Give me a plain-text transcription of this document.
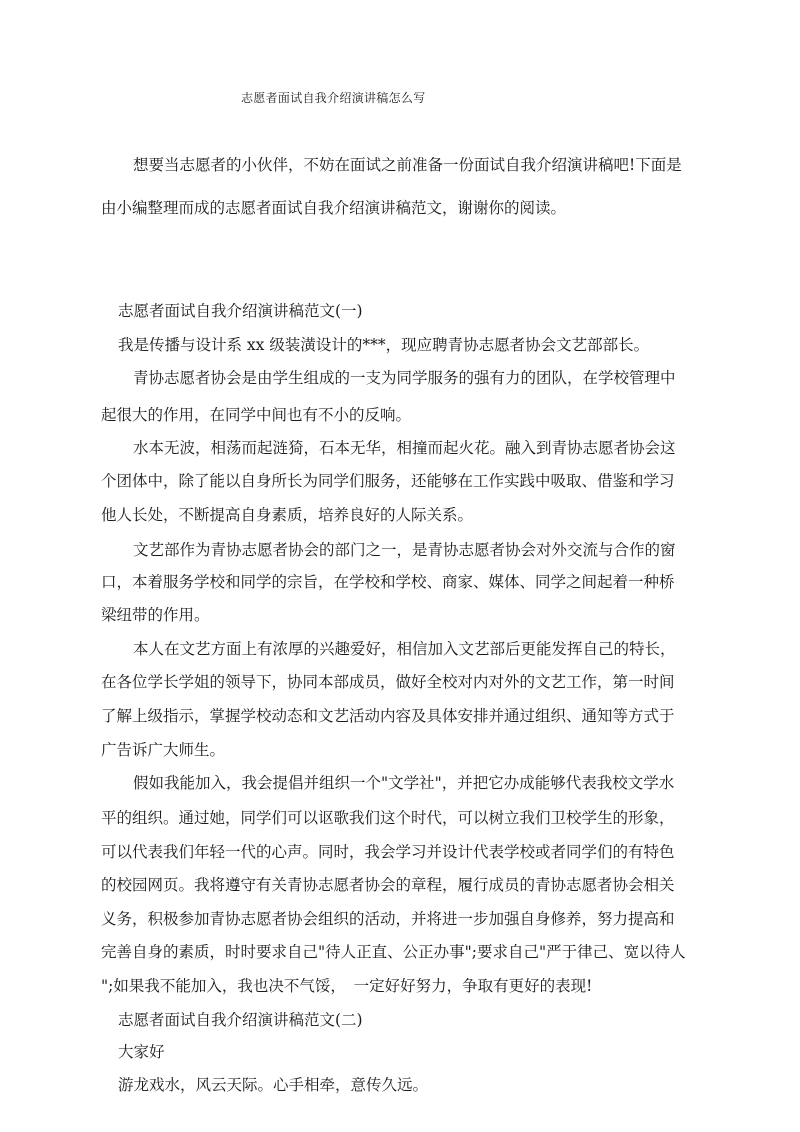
志愿者面试自我介绍演讲稿怎么写
想要当志愿者的小伙伴，不妨在面试之前准备一份面试自我介绍演讲稿吧!下面是
由小编整理而成的志愿者面试自我介绍演讲稿范文，谢谢你的阅读。
志愿者面试自我介绍演讲稿范文(一)
我是传播与设计系 xx 级装潢设计的***，现应聘青协志愿者协会文艺部部长。
青协志愿者协会是由学生组成的一支为同学服务的强有力的团队，在学校管理中
起很大的作用，在同学中间也有不小的反响。
水本无波，相荡而起涟猗，石本无华，相撞而起火花。融入到青协志愿者协会这
个团体中，除了能以自身所长为同学们服务，还能够在工作实践中吸取、借鉴和学习
他人长处，不断提高自身素质，培养良好的人际关系。
文艺部作为青协志愿者协会的部门之一，是青协志愿者协会对外交流与合作的窗
口，本着服务学校和同学的宗旨，在学校和学校、商家、媒体、同学之间起着一种桥
梁纽带的作用。
本人在文艺方面上有浓厚的兴趣爱好，相信加入文艺部后更能发挥自己的特长，
在各位学长学姐的领导下，协同本部成员，做好全校对内对外的文艺工作，第一时间
了解上级指示，掌握学校动态和文艺活动内容及具体安排并通过组织、通知等方式于
广告诉广大师生。
假如我能加入，我会提倡并组织一个"文学社"，并把它办成能够代表我校文学水
平的组织。通过她，同学们可以讴歌我们这个时代，可以树立我们卫校学生的形象，
可以代表我们年轻一代的心声。同时，我会学习并设计代表学校或者同学们的有特色
的校园网页。我将遵守有关青协志愿者协会的章程，履行成员的青协志愿者协会相关
义务，积极参加青协志愿者协会组织的活动，并将进一步加强自身修养，努力提高和
完善自身的素质，时时要求自己"待人正直、公正办事";要求自己"严于律己、宽以待人
";如果我不能加入，我也决不气馁，　一定好好努力，争取有更好的表现!
志愿者面试自我介绍演讲稿范文(二)
大家好
游龙戏水，风云天际。心手相牵，意传久远。
